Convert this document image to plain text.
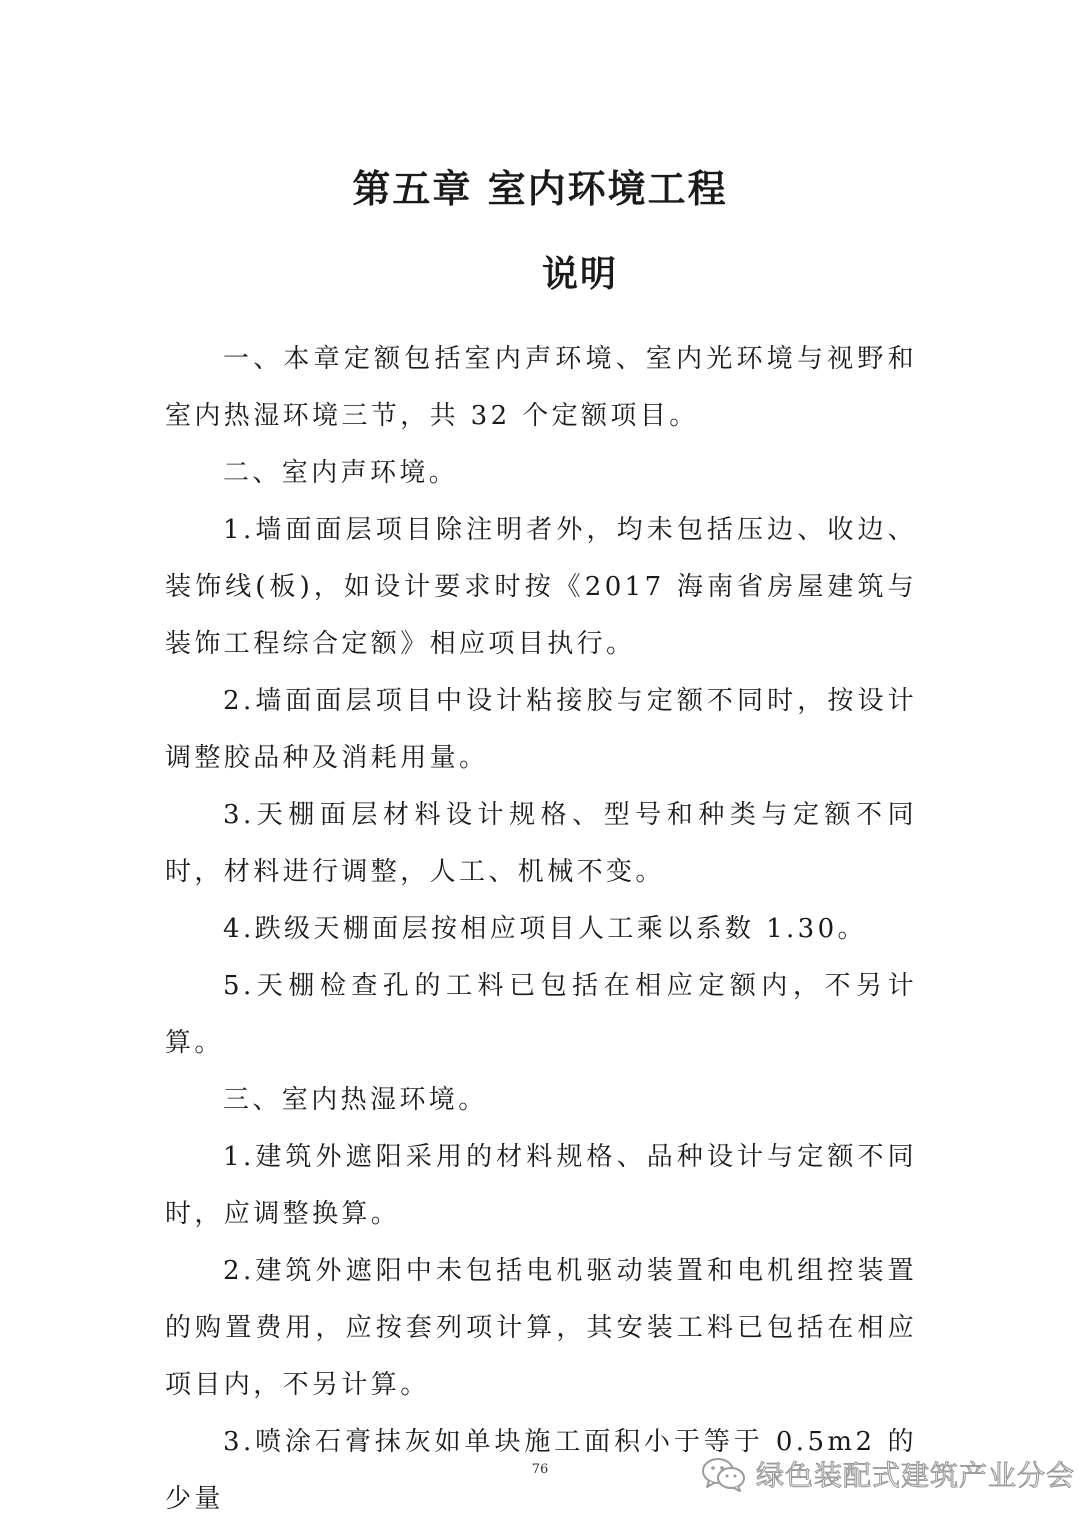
第五章 室内环境工程
说明

一、本章定额包括室内声环境、室内光环境与视野和室内热湿环境三节，共 32 个定额项目。

二、室内声环境。

1.墙面面层项目除注明者外，均未包括压边、收边、装饰线(板)，如设计要求时按《2017 海南省房屋建筑与装饰工程综合定额》相应项目执行。

2.墙面面层项目中设计粘接胶与定额不同时，按设计调整胶品种及消耗用量。

3.天棚面层材料设计规格、型号和种类与定额不同时，材料进行调整，人工、机械不变。

4.跌级天棚面层按相应项目人工乘以系数 1.30。

5.天棚检查孔的工料已包括在相应定额内，不另计算。

三、室内热湿环境。

1.建筑外遮阳采用的材料规格、品种设计与定额不同时，应调整换算。

2.建筑外遮阳中未包括电机驱动装置和电机组控装置的购置费用，应按套列项计算，其安装工料已包括在相应项目内，不另计算。

3.喷涂石膏抹灰如单块施工面积小于等于 0.5m2 的少量

76	绿色装配式建筑产业分会
